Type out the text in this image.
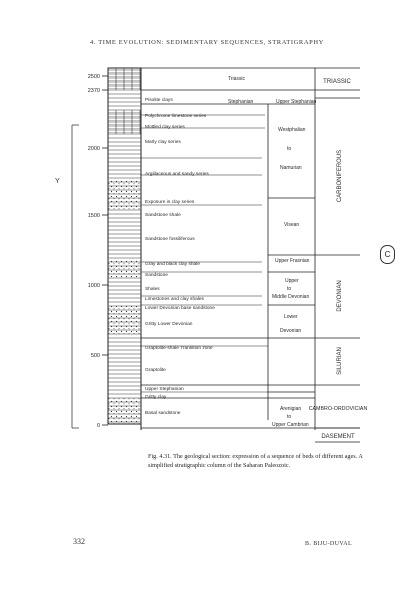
4. TIME EVOLUTION: SEDIMENTARY SEQUENCES, STRATIGRAPHY
Y
2500
2370
2000
1500
1000
500
0
Pisolite clays
Polychrome limestone series
Mottled clay series
Marly clay series
Argillaceous and sandy series
Exposure in clay series
Sandstone shale
Sandstone fossiliferous
Gray and black clay shale
Sandstone
Shales
Limestones and clay shales
Lower Devonian base sandstone
Gritty Lower Devonian
Graptolite-shale Transition zone
Graptolite
Upper Stephanian
Gritty clay
Basal sandstone
Triassic
Stephanian	Upper Stephanian
Westphalian
to
Namurian
Visean
Upper Frasnian
Upper
to
Middle Devonian
Lower
Devonian
Arenigian
to
Upper Cambrian
TRIASSIC
CARBONIFEROUS
DEVONIAN
SILURIAN
CAMBRO-ORDOVICIAN
DASEMENT
C
Fig. 4.31. The geological section: expression of a sequence of beds of different ages. A simplified stratigraphic column of the Saharan Paleozoic.
332	B. BIJU-DUVAL
